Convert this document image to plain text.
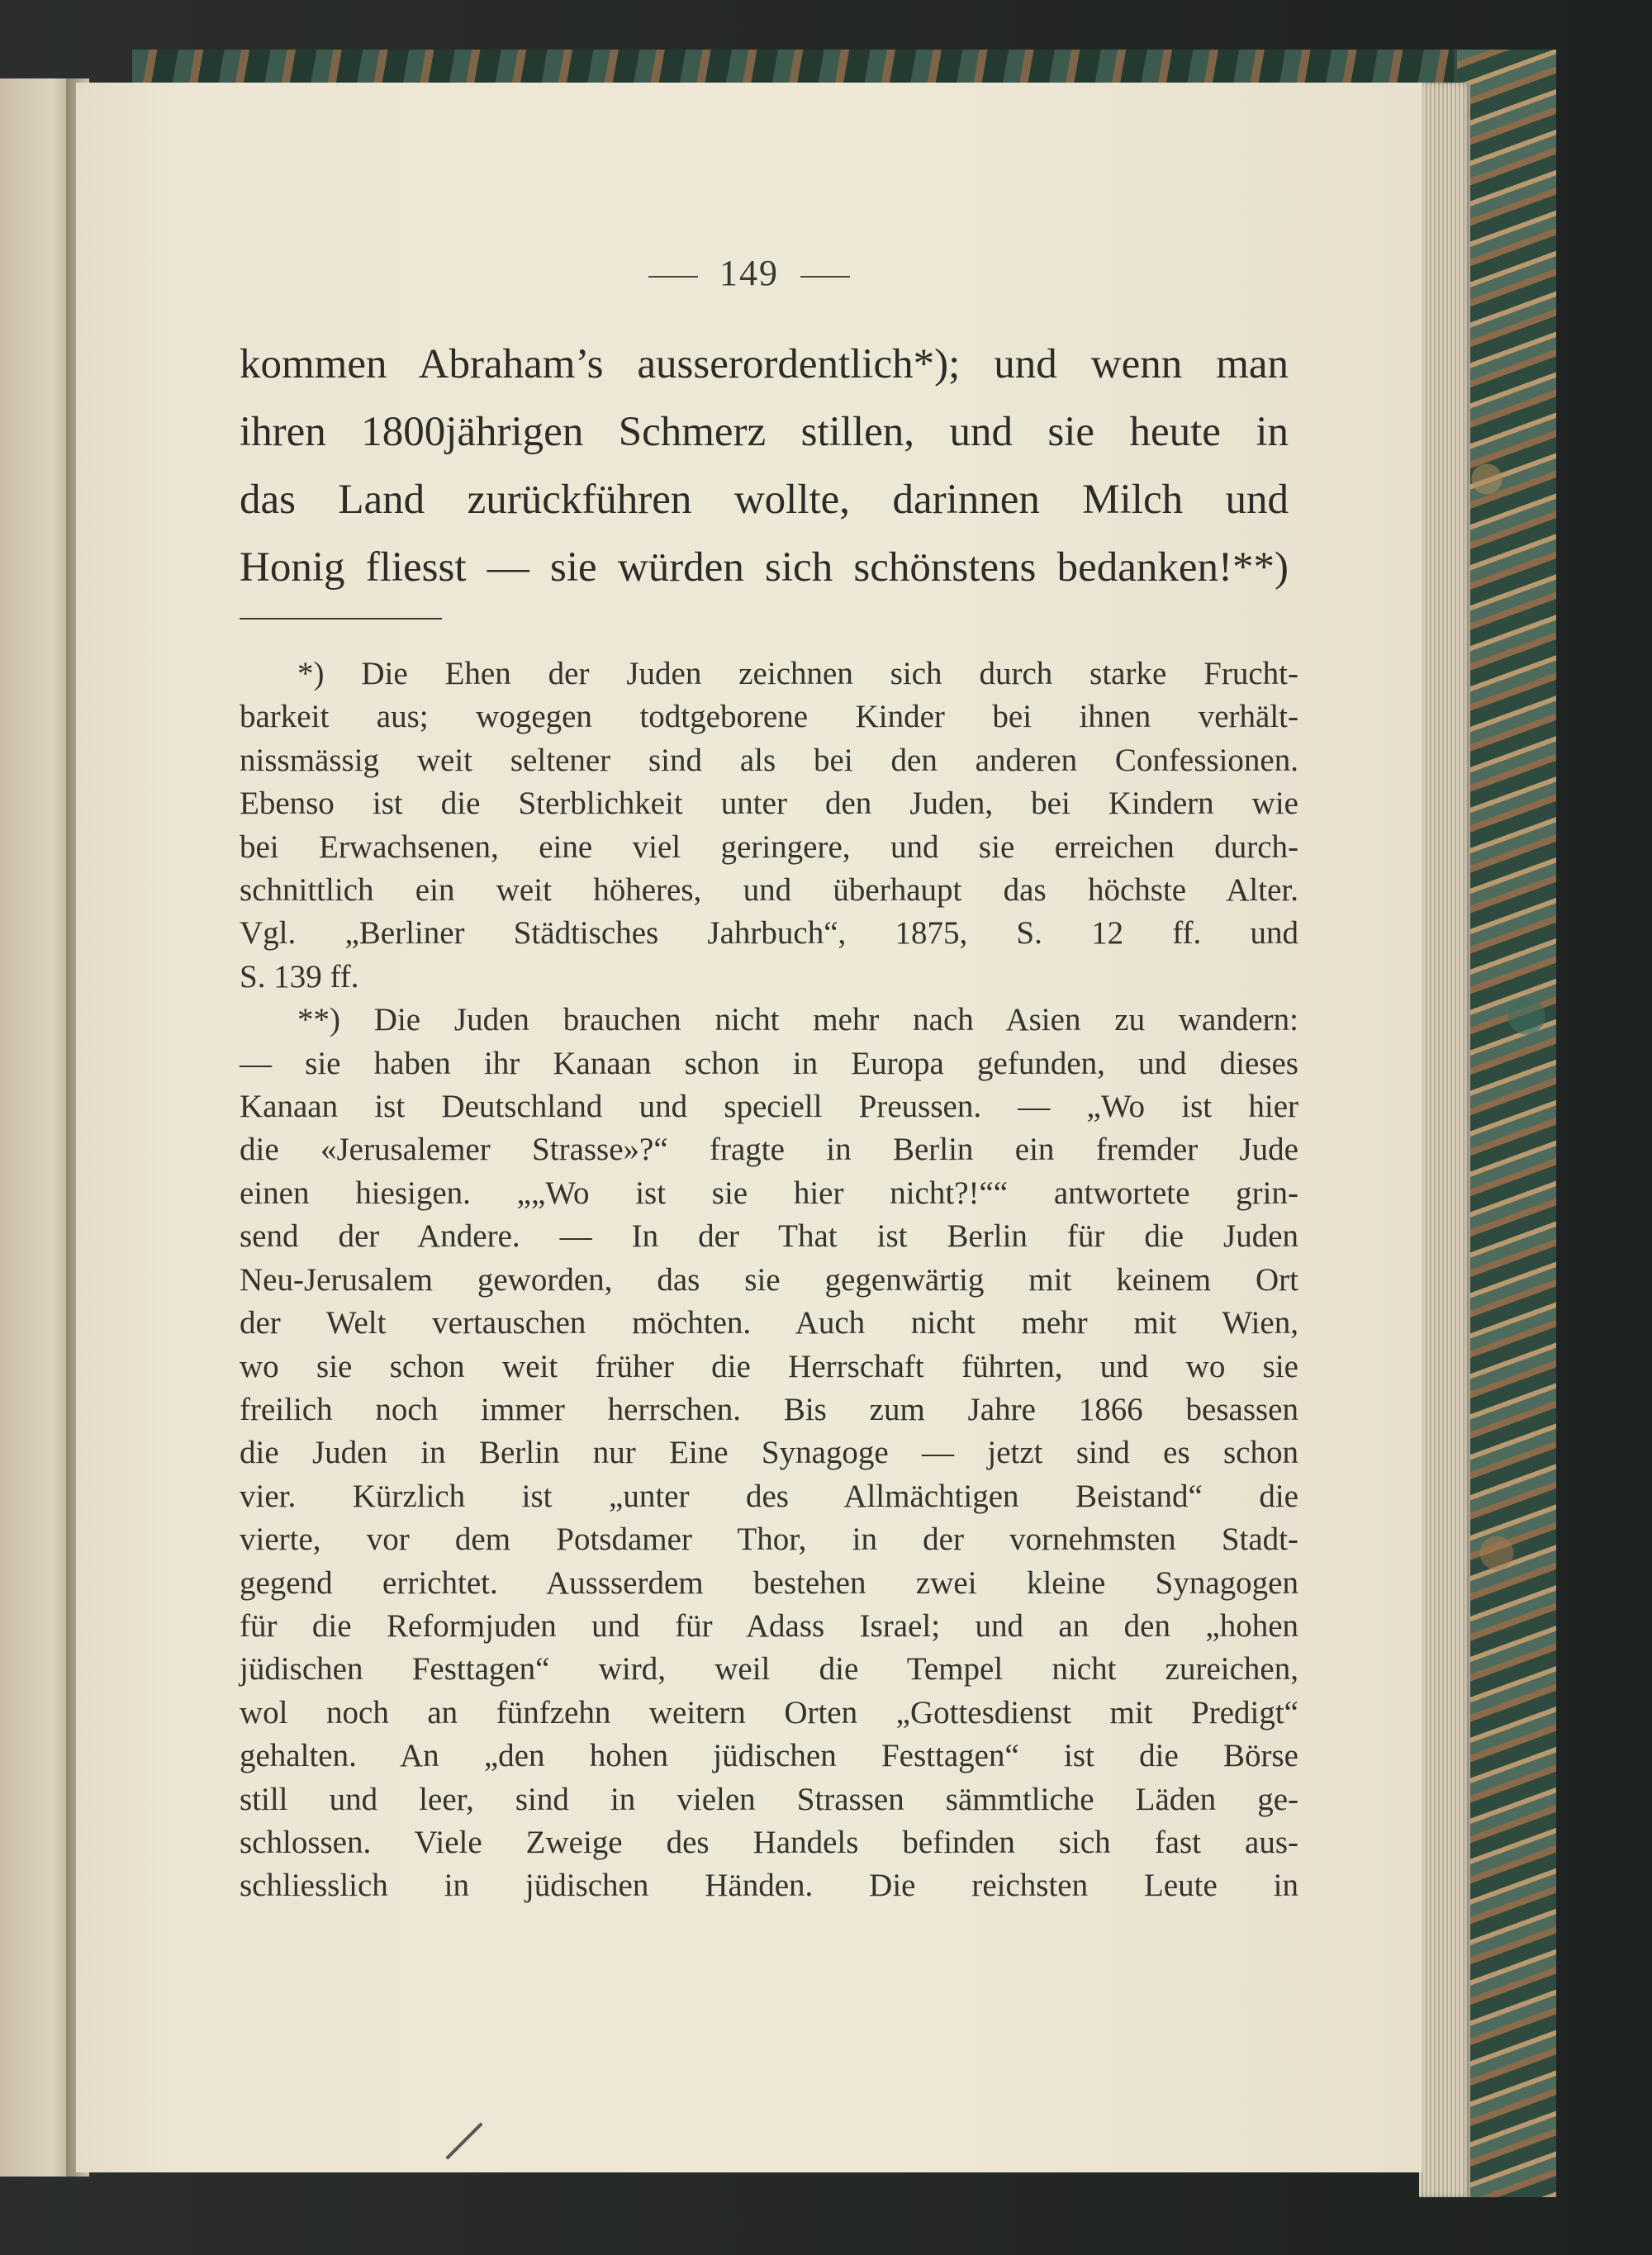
149
kommen Abraham’s ausserordentlich*); und wenn man
ihren 1800jährigen Schmerz stillen, und sie heute in
das Land zurückführen wollte, darinnen Milch und
Honig fliesst — sie würden sich schönstens bedanken!**)
*) Die Ehen der Juden zeichnen sich durch starke Frucht-
barkeit aus; wogegen todtgeborene Kinder bei ihnen verhält-
nissmässig weit seltener sind als bei den anderen Confessionen.
Ebenso ist die Sterblichkeit unter den Juden, bei Kindern wie
bei Erwachsenen, eine viel geringere, und sie erreichen durch-
schnittlich ein weit höheres, und überhaupt das höchste Alter.
Vgl. „Berliner Städtisches Jahrbuch“, 1875, S. 12 ff. und
S. 139 ff.
**) Die Juden brauchen nicht mehr nach Asien zu wandern:
— sie haben ihr Kanaan schon in Europa gefunden, und dieses
Kanaan ist Deutschland und speciell Preussen. — „Wo ist hier
die «Jerusalemer Strasse»?“ fragte in Berlin ein fremder Jude
einen hiesigen. „„Wo ist sie hier nicht?!““ antwortete grin-
send der Andere. — In der That ist Berlin für die Juden
Neu-Jerusalem geworden, das sie gegenwärtig mit keinem Ort
der Welt vertauschen möchten. Auch nicht mehr mit Wien,
wo sie schon weit früher die Herrschaft führten, und wo sie
freilich noch immer herrschen. Bis zum Jahre 1866 besassen
die Juden in Berlin nur Eine Synagoge — jetzt sind es schon
vier. Kürzlich ist „unter des Allmächtigen Beistand“ die
vierte, vor dem Potsdamer Thor, in der vornehmsten Stadt-
gegend errichtet. Aussserdem bestehen zwei kleine Synagogen
für die Reformjuden und für Adass Israel; und an den „hohen
jüdischen Festtagen“ wird, weil die Tempel nicht zureichen,
wol noch an fünfzehn weitern Orten „Gottesdienst mit Predigt“
gehalten. An „den hohen jüdischen Festtagen“ ist die Börse
still und leer, sind in vielen Strassen sämmtliche Läden ge-
schlossen. Viele Zweige des Handels befinden sich fast aus-
schliesslich in jüdischen Händen. Die reichsten Leute in
